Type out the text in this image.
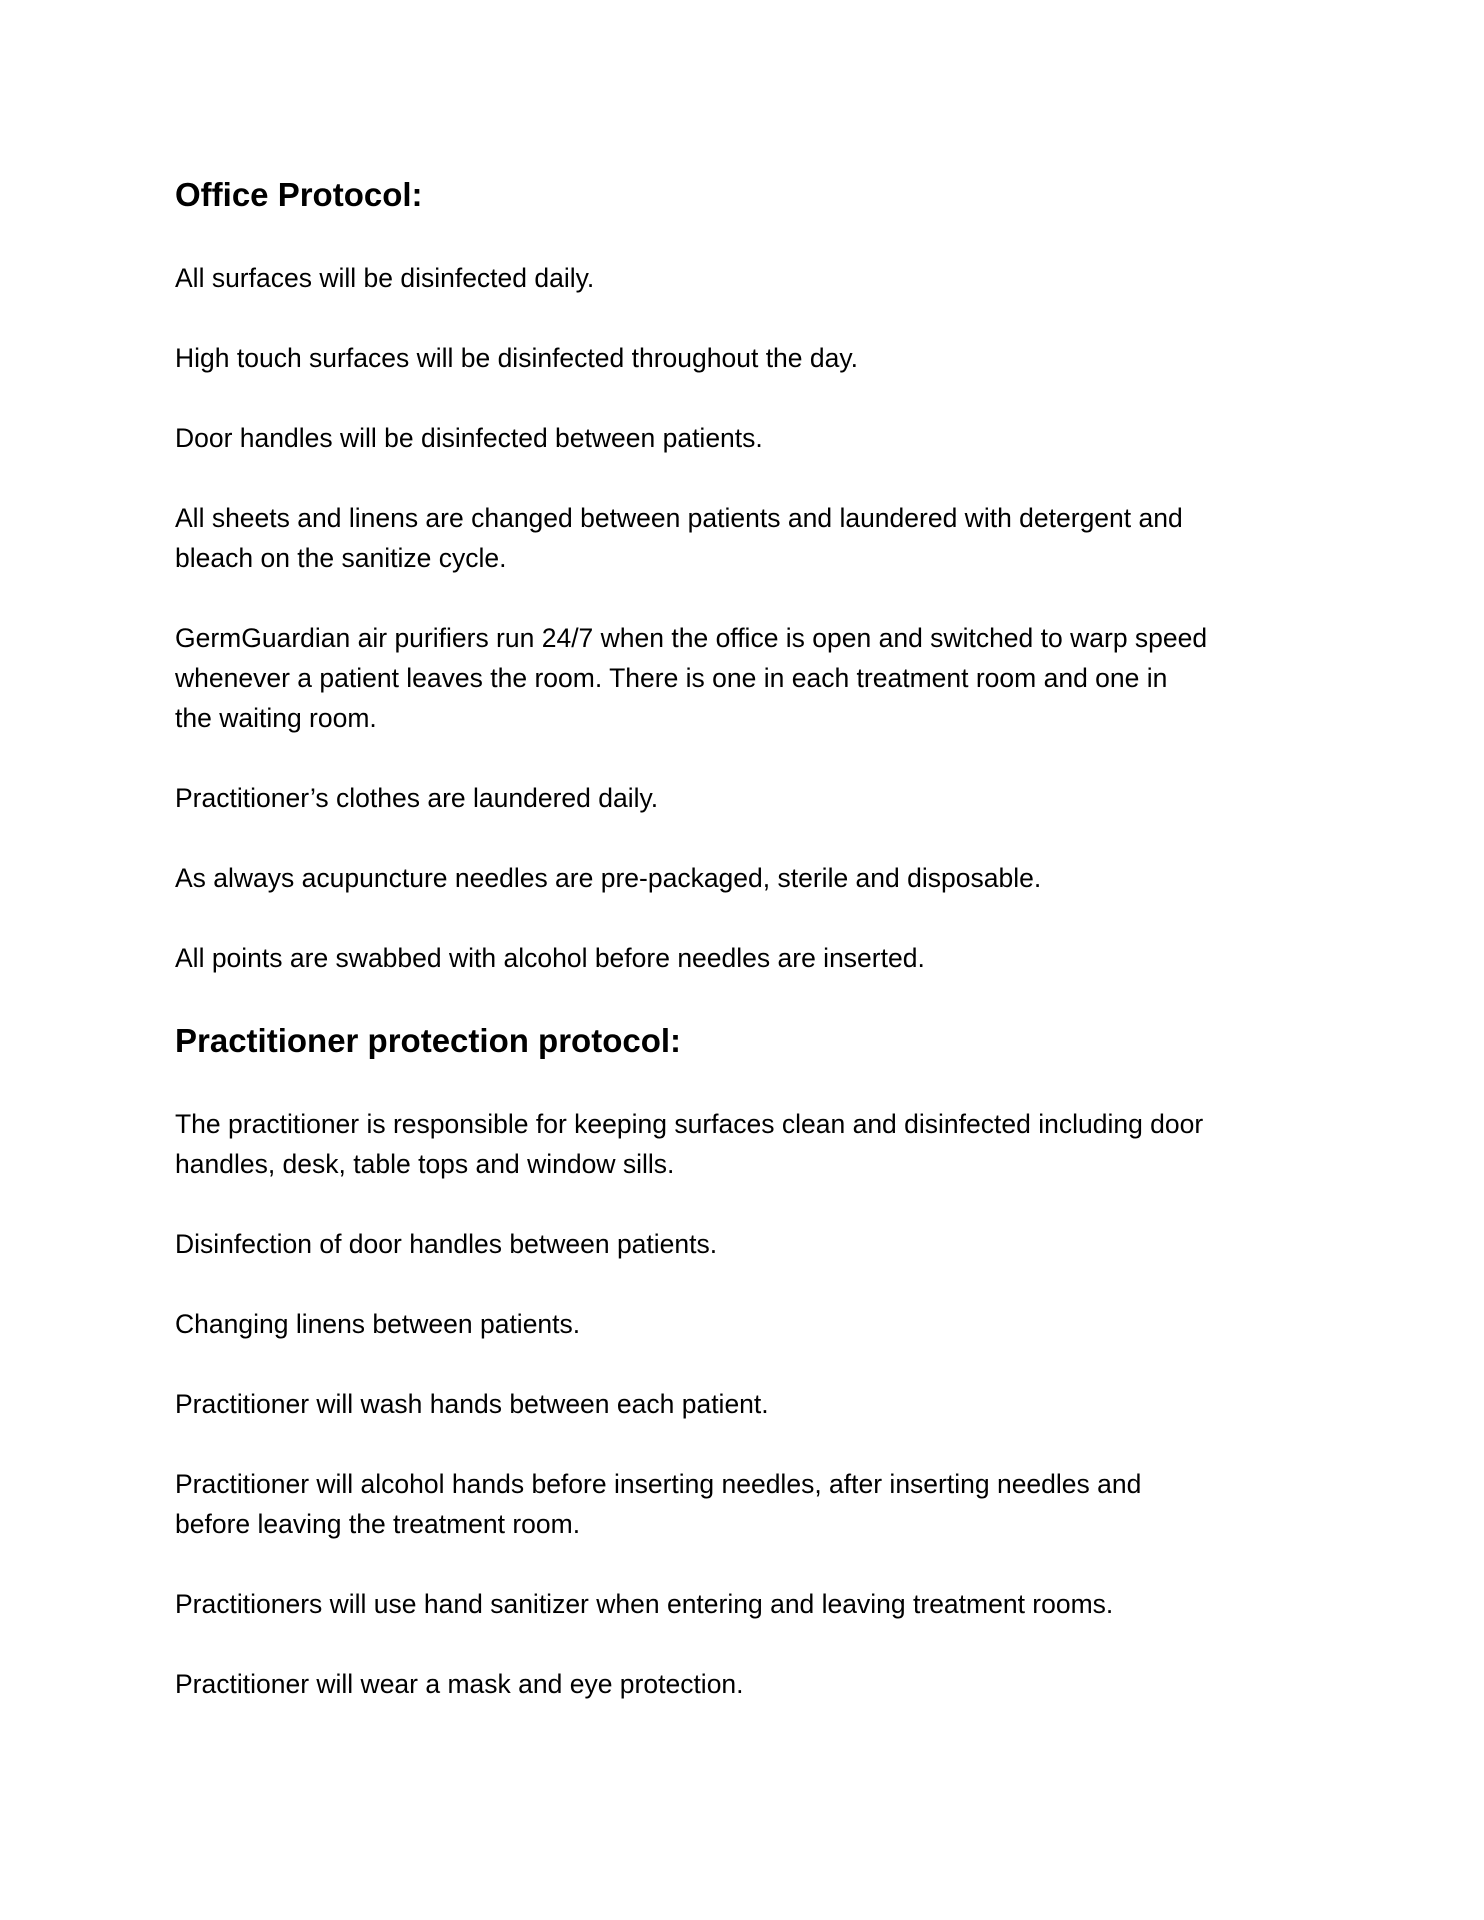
Office Protocol:

All surfaces will be disinfected daily.

High touch surfaces will be disinfected throughout the day.

Door handles will be disinfected between patients.

All sheets and linens are changed between patients and laundered with detergent and
bleach on the sanitize cycle.

GermGuardian air purifiers run 24/7 when the office is open and switched to warp speed
whenever a patient leaves the room. There is one in each treatment room and one in
the waiting room.

Practitioner’s clothes are laundered daily.

As always acupuncture needles are pre-packaged, sterile and disposable.

All points are swabbed with alcohol before needles are inserted.

Practitioner protection protocol:

The practitioner is responsible for keeping surfaces clean and disinfected including door
handles, desk, table tops and window sills.

Disinfection of door handles between patients.

Changing linens between patients.

Practitioner will wash hands between each patient.

Practitioner will alcohol hands before inserting needles, after inserting needles and
before leaving the treatment room.

Practitioners will use hand sanitizer when entering and leaving treatment rooms.

Practitioner will wear a mask and eye protection.
